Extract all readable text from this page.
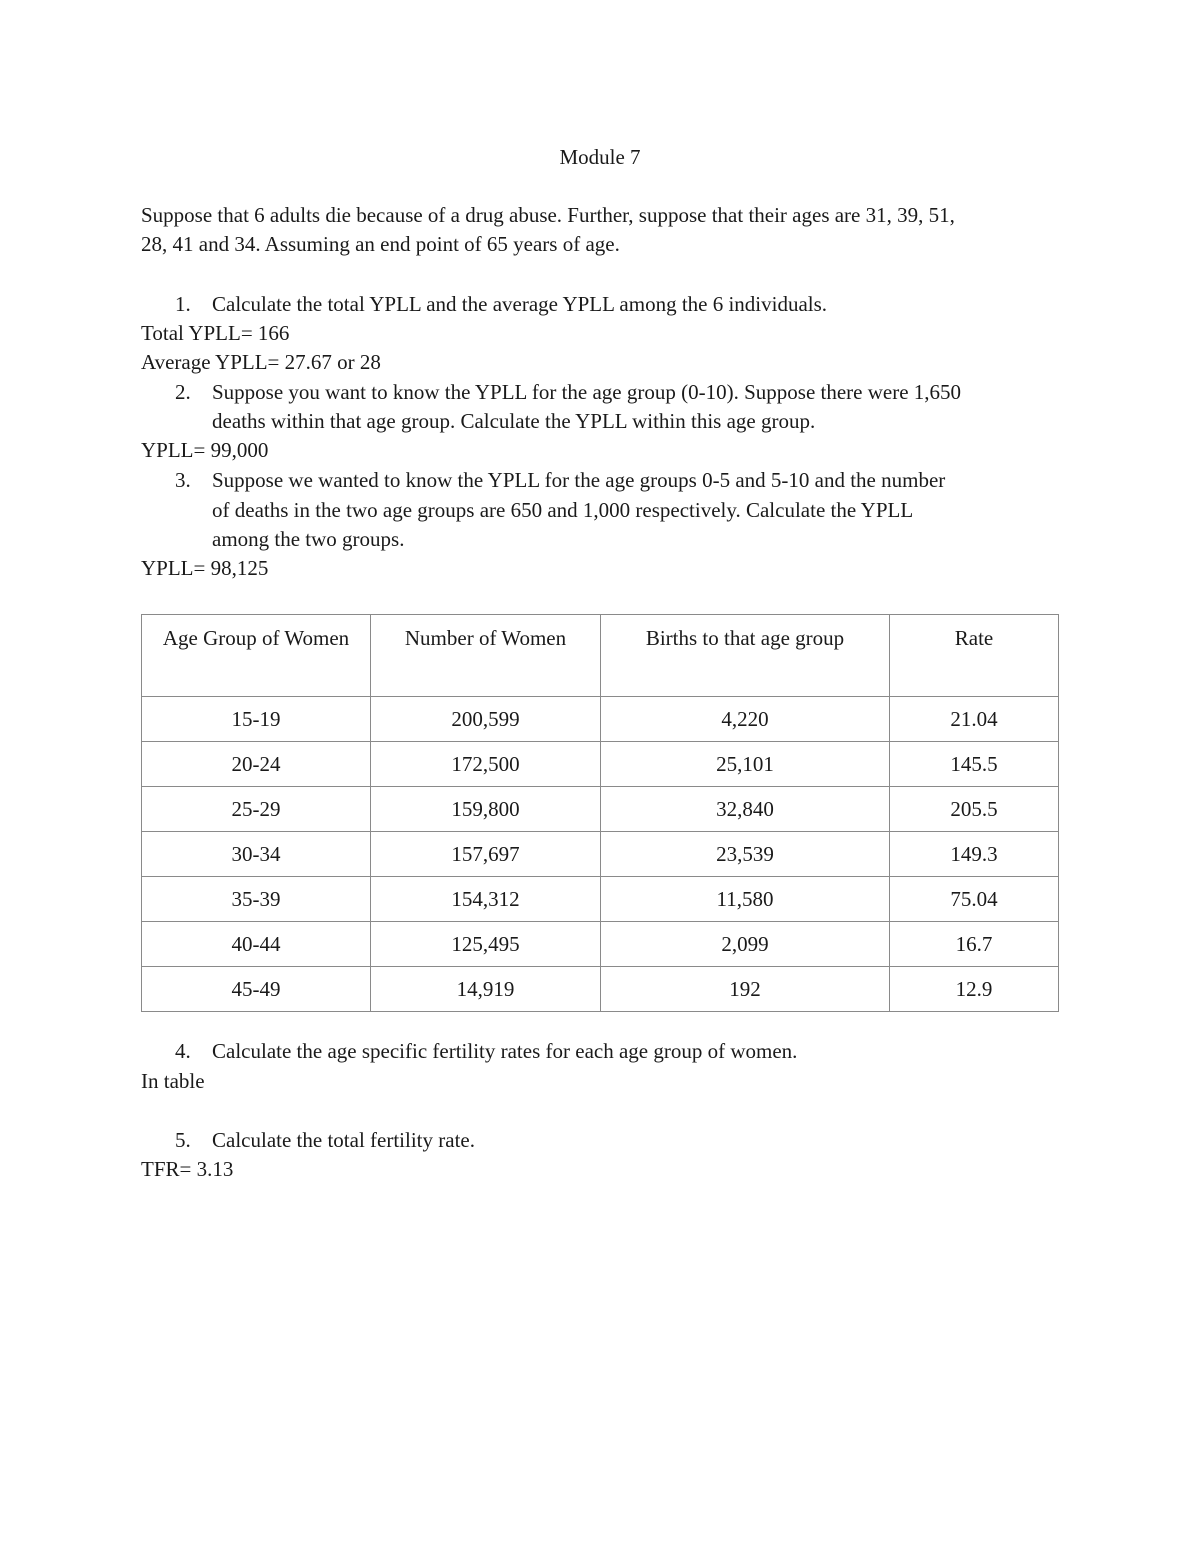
Module 7
Suppose that 6 adults die because of a drug abuse. Further, suppose that their ages are 31, 39, 51,
28, 41 and 34. Assuming an end point of 65 years of age.
1. Calculate the total YPLL and the average YPLL among the 6 individuals.
Total YPLL= 166
Average YPLL= 27.67 or 28
2. Suppose you want to know the YPLL for the age group (0-10). Suppose there were 1,650
deaths within that age group. Calculate the YPLL within this age group.
YPLL= 99,000
3. Suppose we wanted to know the YPLL for the age groups 0-5 and 5-10 and the number
of deaths in the two age groups are 650 and 1,000 respectively. Calculate the YPLL
among the two groups.
YPLL= 98,125
Age Group of Women	Number of Women	Births to that age group	Rate
15-19	200,599	4,220	21.04
20-24	172,500	25,101	145.5
25-29	159,800	32,840	205.5
30-34	157,697	23,539	149.3
35-39	154,312	11,580	75.04
40-44	125,495	2,099	16.7
45-49	14,919	192	12.9
4. Calculate the age specific fertility rates for each age group of women.
In table
5. Calculate the total fertility rate.
TFR= 3.13
